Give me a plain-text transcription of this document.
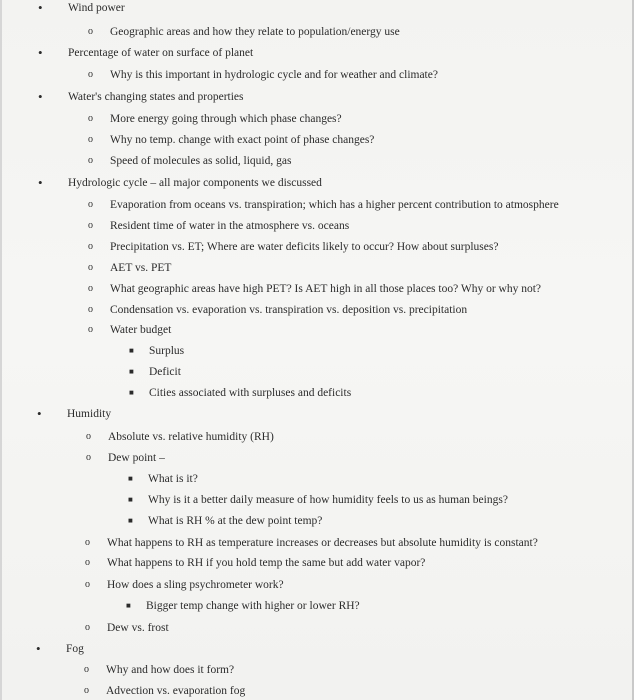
• Wind power
o Geographic areas and how they relate to population/energy use
• Percentage of water on surface of planet
o Why is this important in hydrologic cycle and for weather and climate?
• Water's changing states and properties
o More energy going through which phase changes?
o Why no temp. change with exact point of phase changes?
o Speed of molecules as solid, liquid, gas
• Hydrologic cycle – all major components we discussed
o Evaporation from oceans vs. transpiration; which has a higher percent contribution to atmosphere
o Resident time of water in the atmosphere vs. oceans
o Precipitation vs. ET; Where are water deficits likely to occur? How about surpluses?
o AET vs. PET
o What geographic areas have high PET? Is AET high in all those places too? Why or why not?
o Condensation vs. evaporation vs. transpiration vs. deposition vs. precipitation
o Water budget
■ Surplus
■ Deficit
■ Cities associated with surpluses and deficits
• Humidity
o Absolute vs. relative humidity (RH)
o Dew point –
■ What is it?
■ Why is it a better daily measure of how humidity feels to us as human beings?
■ What is RH % at the dew point temp?
o What happens to RH as temperature increases or decreases but absolute humidity is constant?
o What happens to RH if you hold temp the same but add water vapor?
o How does a sling psychrometer work?
■ Bigger temp change with higher or lower RH?
o Dew vs. frost
• Fog
o Why and how does it form?
o Advection vs. evaporation fog
